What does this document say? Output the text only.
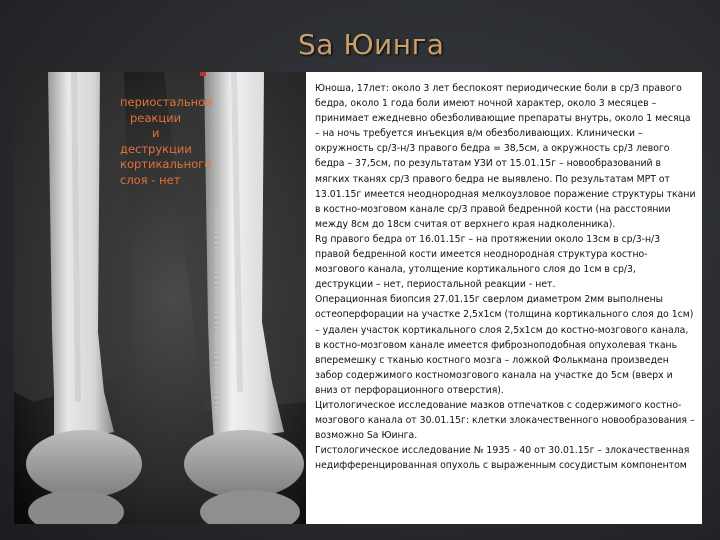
Sa Юинга
периостальной
реакции
и
деструкции
кортикального
слоя - нет

Юноша, 17лет: около 3 лет беспокоят периодические боли в ср/3 правого бедра, около 1 года боли имеют ночной характер, около 3 месяцев – принимает ежедневно обезболивающие препараты внутрь, около 1 месяца – на ночь требуется инъекция в/м обезболивающих. Клинически – окружность ср/3-н/3 правого бедра = 38,5см, а окружность ср/3 левого бедра – 37,5см, по результатам УЗИ от 15.01.15г – новообразований в мягких тканях ср/3 правого бедра не выявлено. По результатам МРТ от 13.01.15г имеется неоднородная мелкоузловое поражение структуры ткани в костно-мозговом канале ср/3 правой бедренной кости (на расстоянии между 8см до 18см считая от верхнего края надколенника).

Rg правого бедра от 16.01.15г – на протяжении около 13см в ср/3-н/3 правой бедренной кости имеется неоднородная структура костно-мозгового канала, утолщение кортикального слоя до 1см в ср/3, деструкции – нет, периостальной реакции - нет.

Операционная биопсия 27.01.15г сверлом диаметром 2мм выполнены остеоперфорации на участке 2,5х1см (толщина кортикального слоя до 1см) – удален участок кортикального слоя 2,5х1см до костно-мозгового канала, в костно-мозговом канале имеется фиброзноподобная опухолевая ткань вперемешку с тканью костного мозга – ложкой Фолькмана произведен забор содержимого костномозгового канала на участке до 5см (вверх и вниз от перфорационного отверстия).

Цитологическое исследование мазков отпечатков с содержимого костно-мозгового канала от 30.01.15г: клетки злокачественного новообразования – возможно Sa Юинга.

Гистологическое исследование № 1935 - 40 от 30.01.15г – злокачественная недифференцированная опухоль с выраженным сосудистым компонентом
